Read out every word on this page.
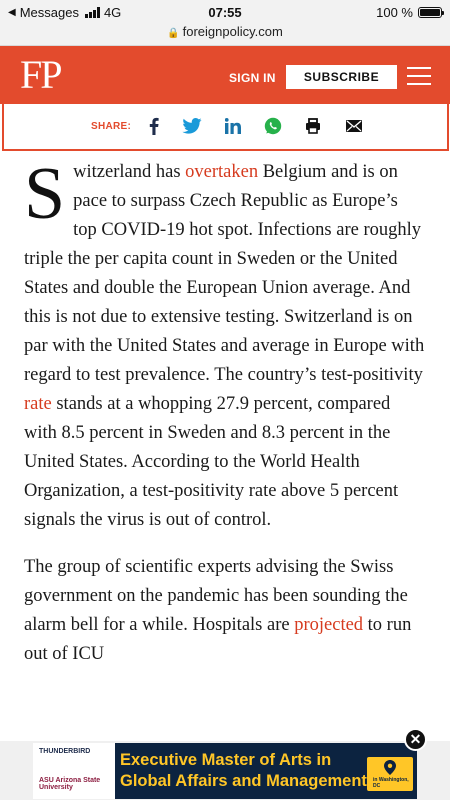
◀ Messages 4G	07:55	100 %
🔒 foreignpolicy.com
FP	SIGN IN	SUBSCRIBE
SHARE:

Switzerland has overtaken Belgium and is on pace to surpass Czech Republic as Europe’s top COVID-19 hot spot. Infections are roughly triple the per capita count in Sweden or the United States and double the European Union average. And this is not due to extensive testing. Switzerland is on par with the United States and average in Europe with regard to test prevalence. The country’s test-positivity rate stands at a whopping 27.9 percent, compared with 8.5 percent in Sweden and 8.3 percent in the United States. According to the World Health Organization, a test-positivity rate above 5 percent signals the virus is out of control.

The group of scientific experts advising the Swiss government on the pandemic has been sounding the alarm bell for a while. Hospitals are projected to run out of ICU

THUNDERBIRD
ASU Arizona State University
Executive Master of Arts in
Global Affairs and Management in Washington, DC
✕
